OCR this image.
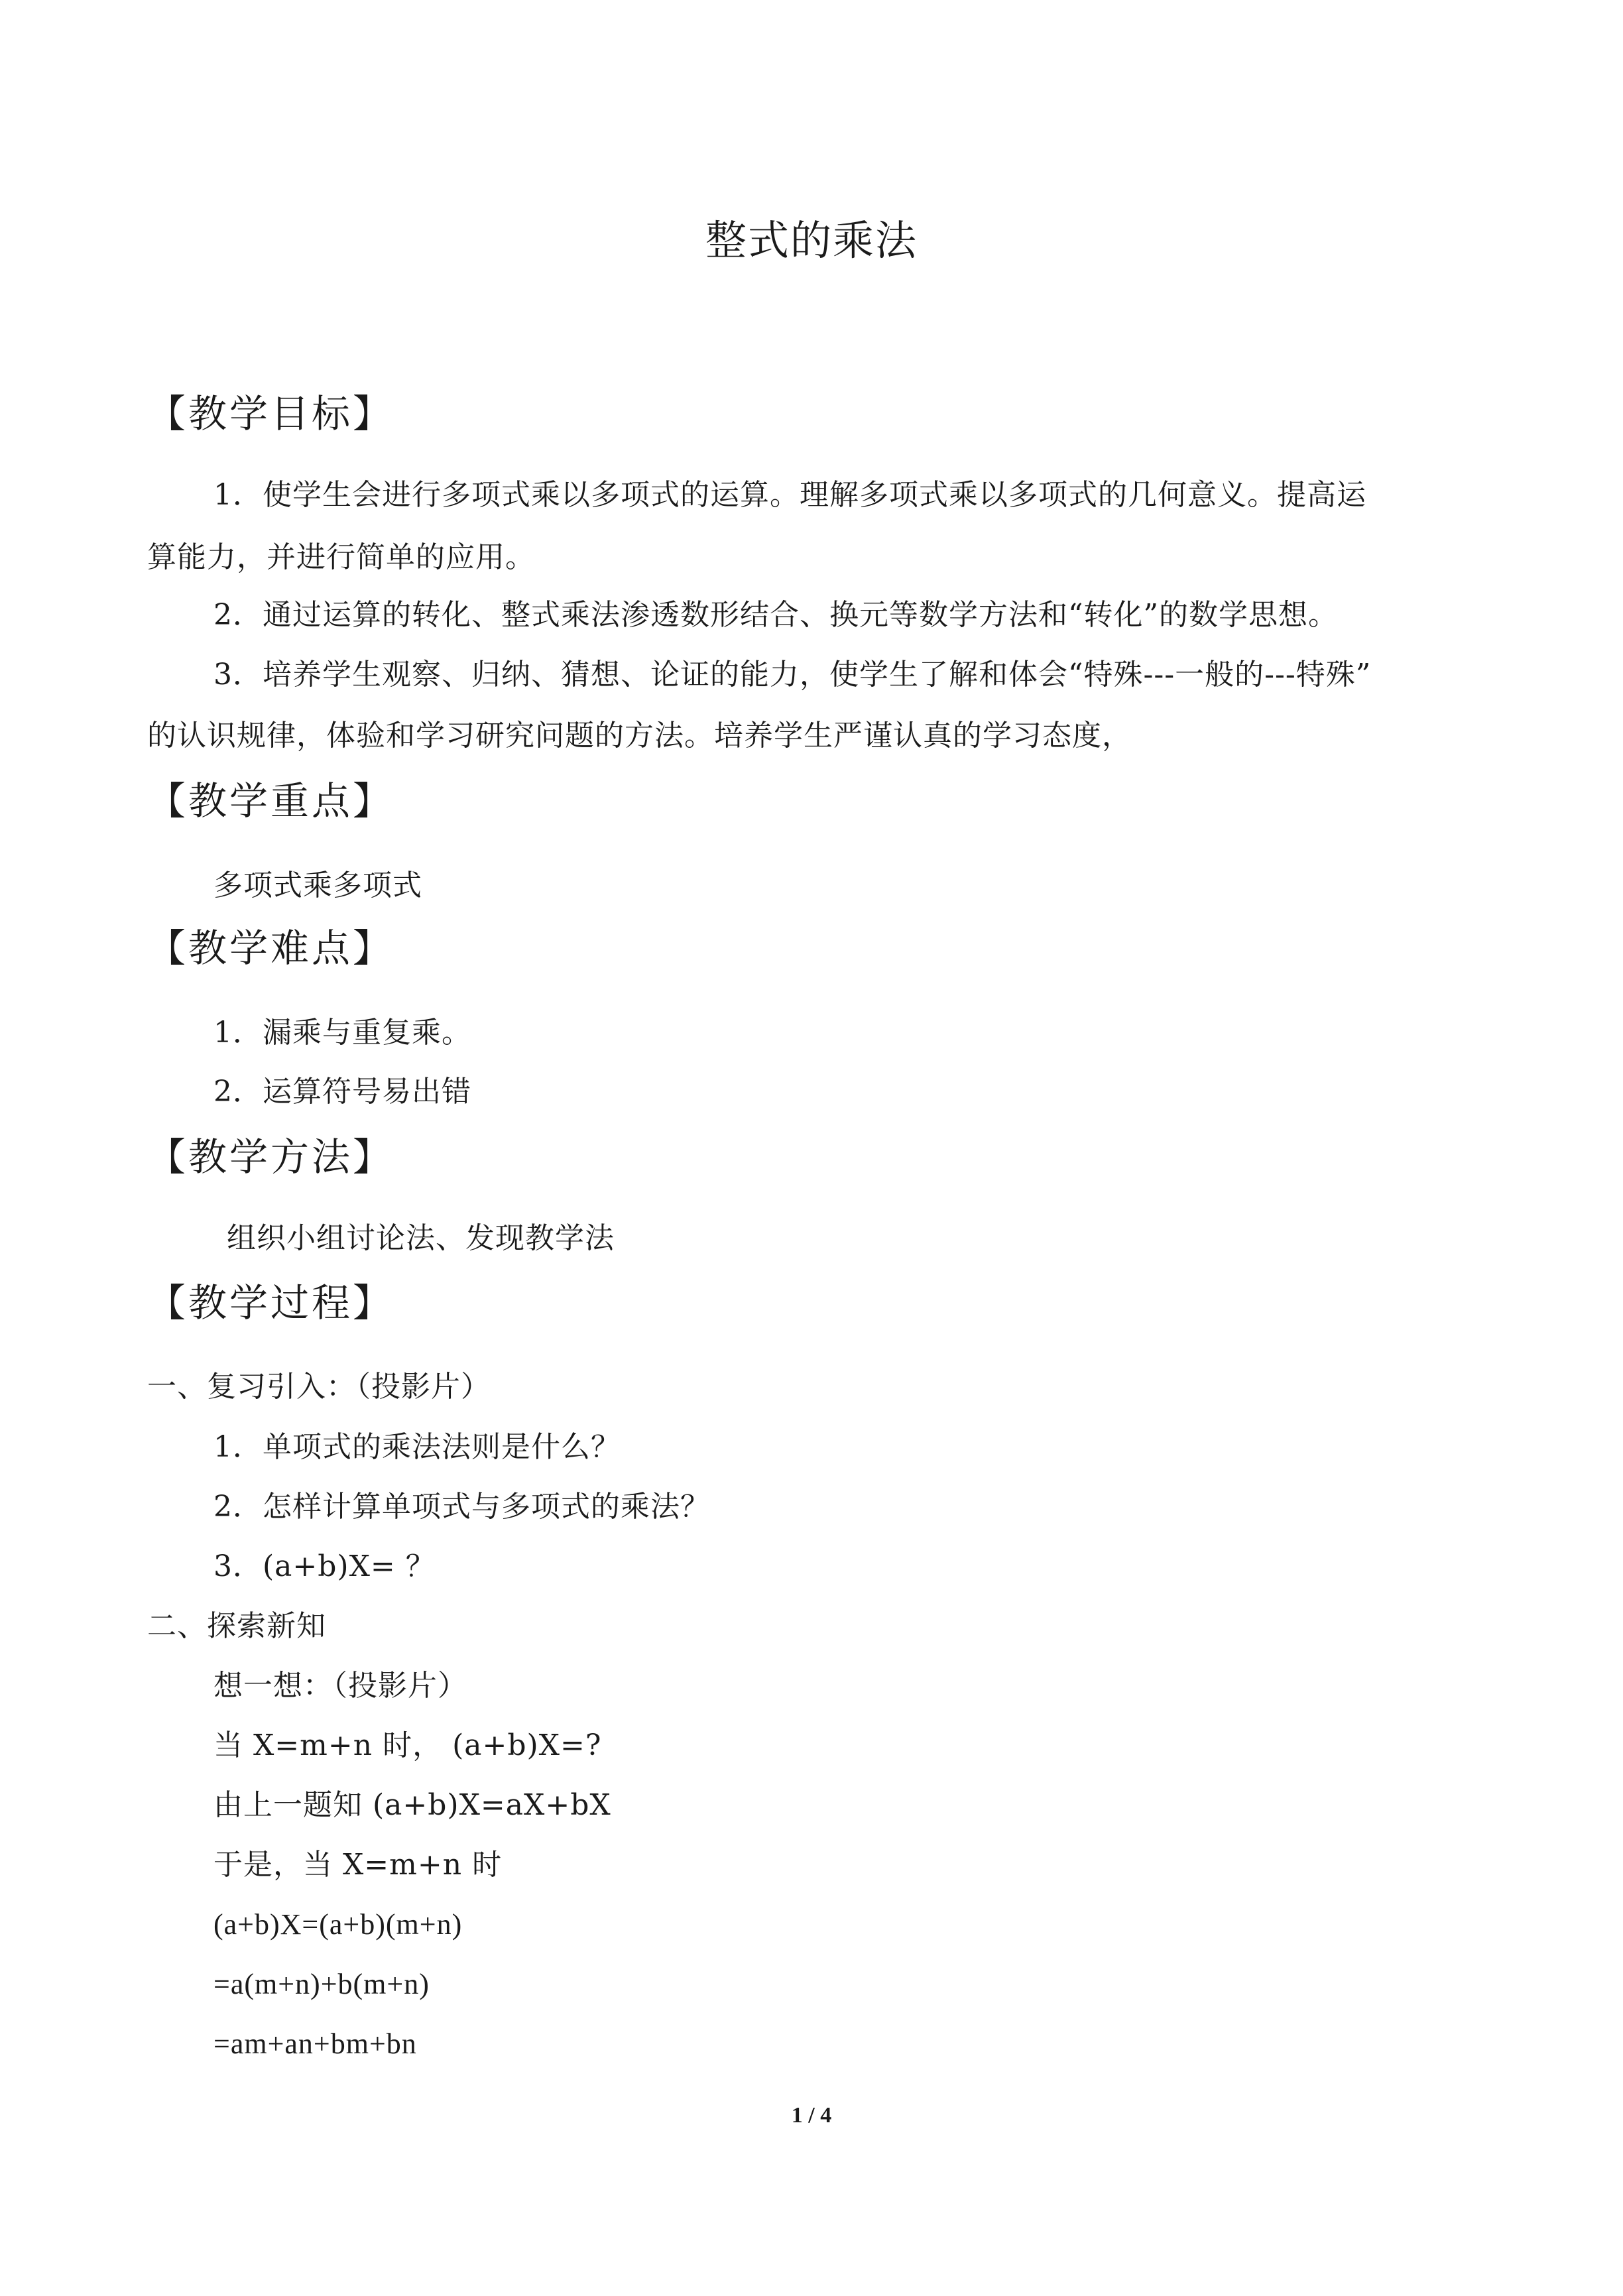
整式的乘法
【教学目标】
1．使学生会进行多项式乘以多项式的运算。理解多项式乘以多项式的几何意义。提高运
算能力，并进行简单的应用。
2．通过运算的转化、整式乘法渗透数形结合、换元等数学方法和“转化”的数学思想。
3．培养学生观察、归纳、猜想、论证的能力，使学生了解和体会“特殊---一般的---特殊”
的认识规律，体验和学习研究问题的方法。培养学生严谨认真的学习态度，
【教学重点】
多项式乘多项式
【教学难点】
1．漏乘与重复乘。
2．运算符号易出错
【教学方法】
组织小组讨论法、发现教学法
【教学过程】
一、复习引入：（投影片）
1．单项式的乘法法则是什么？
2．怎样计算单项式与多项式的乘法？
3．(a+b)X= ？
二、探索新知
想一想：（投影片）
当 X=m+n 时， (a+b)X=?
由上一题知 (a+b)X=aX+bX
于是，当 X=m+n 时
(a+b)X=(a+b)(m+n)
=a(m+n)+b(m+n)
=am+an+bm+bn
1 / 4
